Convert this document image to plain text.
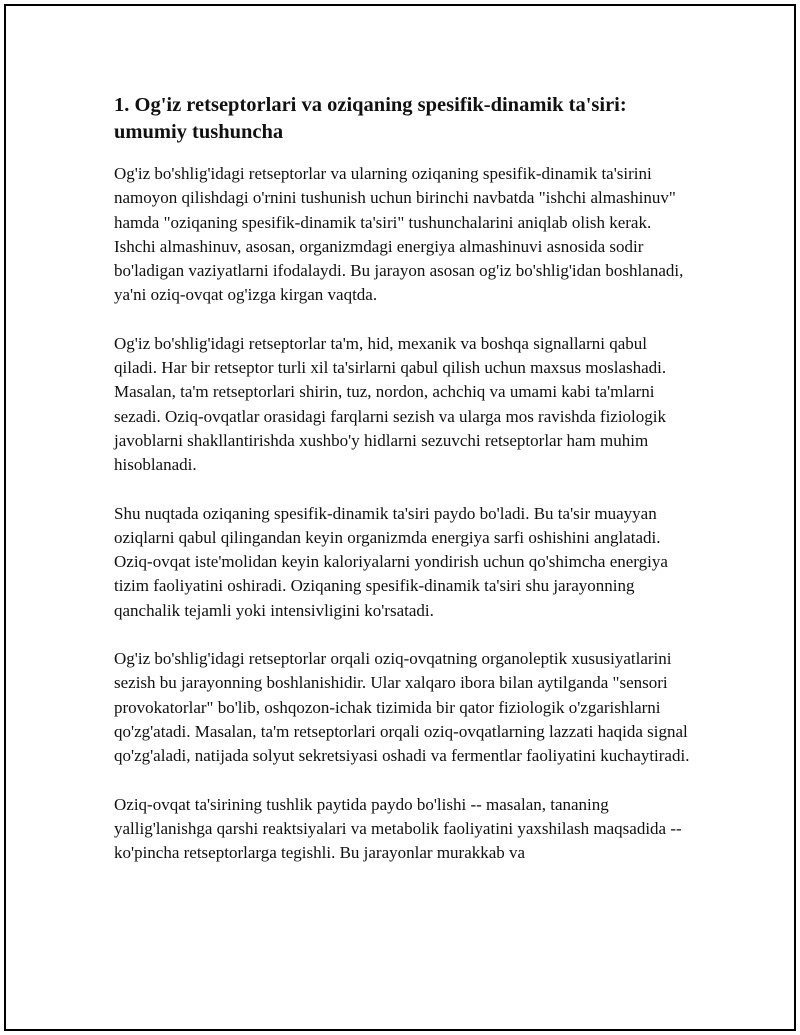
1. Og'iz retseptorlari va oziqaning spesifik-dinamik ta'siri: umumiy tushuncha

Og'iz bo'shlig'idagi retseptorlar va ularning oziqaning spesifik-dinamik ta'sirini namoyon qilishdagi o'rnini tushunish uchun birinchi navbatda "ishchi almashinuv" hamda "oziqaning spesifik-dinamik ta'siri" tushunchalarini aniqlab olish kerak. Ishchi almashinuv, asosan, organizmdagi energiya almashinuvi asnosida sodir bo'ladigan vaziyatlarni ifodalaydi. Bu jarayon asosan og'iz bo'shlig'idan boshlanadi, ya'ni oziq-ovqat og'izga kirgan vaqtda.

Og'iz bo'shlig'idagi retseptorlar ta'm, hid, mexanik va boshqa signallarni qabul qiladi. Har bir retseptor turli xil ta'sirlarni qabul qilish uchun maxsus moslashadi. Masalan, ta'm retseptorlari shirin, tuz, nordon, achchiq va umami kabi ta'mlarni sezadi. Oziq-ovqatlar orasidagi farqlarni sezish va ularga mos ravishda fiziologik javoblarni shakllantirishda xushbo'y hidlarni sezuvchi retseptorlar ham muhim hisoblanadi.

Shu nuqtada oziqaning spesifik-dinamik ta'siri paydo bo'ladi. Bu ta'sir muayyan oziqlarni qabul qilingandan keyin organizmda energiya sarfi oshishini anglatadi. Oziq-ovqat iste'molidan keyin kaloriyalarni yondirish uchun qo'shimcha energiya tizim faoliyatini oshiradi. Oziqaning spesifik-dinamik ta'siri shu jarayonning qanchalik tejamli yoki intensivligini ko'rsatadi.

Og'iz bo'shlig'idagi retseptorlar orqali oziq-ovqatning organoleptik xususiyatlarini sezish bu jarayonning boshlanishidir. Ular xalqaro ibora bilan aytilganda "sensori provokatorlar" bo'lib, oshqozon-ichak tizimida bir qator fiziologik o'zgarishlarni qo'zg'atadi. Masalan, ta'm retseptorlari orqali oziq-ovqatlarning lazzati haqida signal qo'zg'aladi, natijada solyut sekretsiyasi oshadi va fermentlar faoliyatini kuchaytiradi.

Oziq-ovqat ta'sirining tushlik paytida paydo bo'lishi -- masalan, tananing yallig'lanishga qarshi reaktsiyalari va metabolik faoliyatini yaxshilash maqsadida -- ko'pincha retseptorlarga tegishli. Bu jarayonlar murakkab va
